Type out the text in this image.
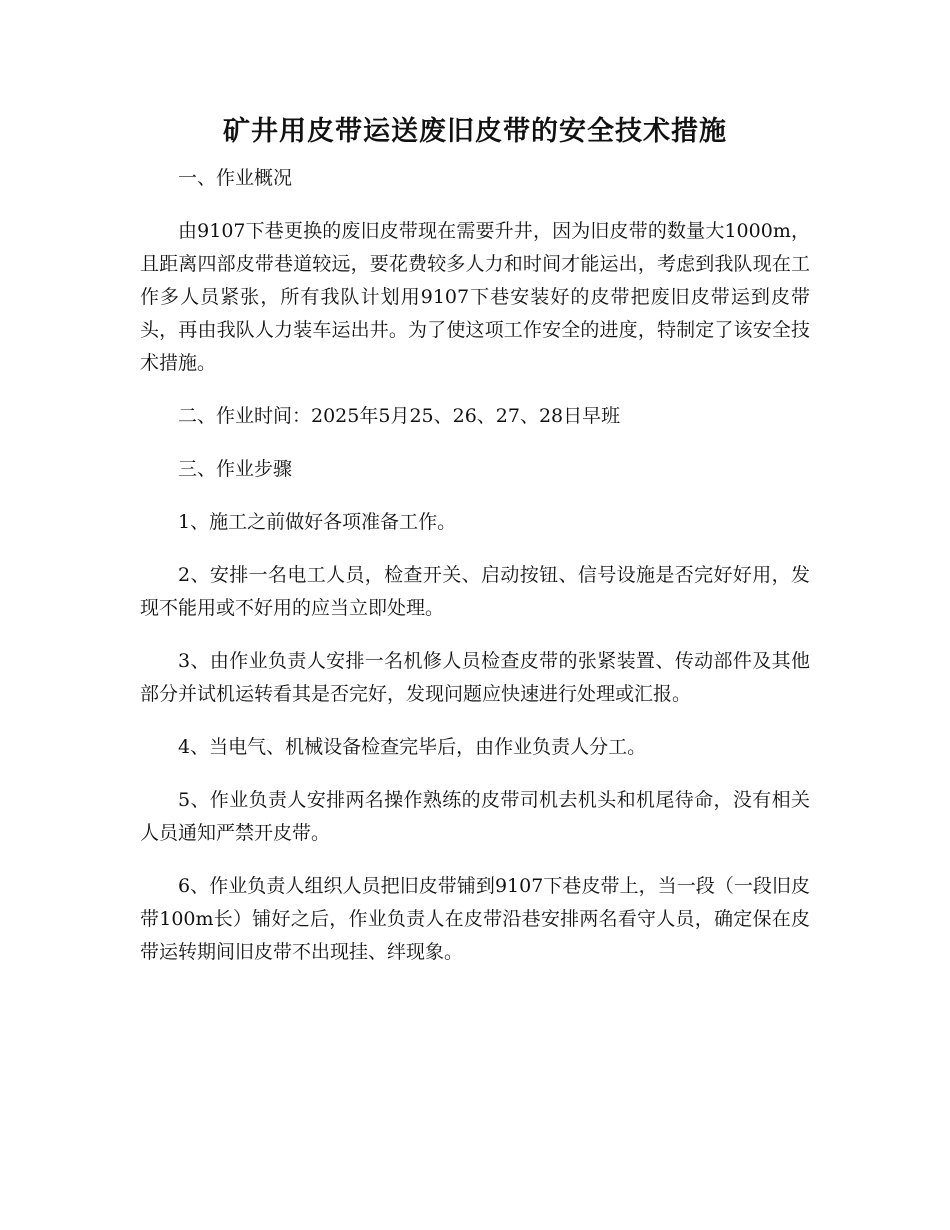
矿井用皮带运送废旧皮带的安全技术措施

一、作业概况

由9107下巷更换的废旧皮带现在需要升井，因为旧皮带的数量大1000m，且距离四部皮带巷道较远，要花费较多人力和时间才能运出，考虑到我队现在工作多人员紧张，所有我队计划用9107下巷安装好的皮带把废旧皮带运到皮带头，再由我队人力装车运出井。为了使这项工作安全的进度，特制定了该安全技术措施。

二、作业时间：2025年5月25、26、27、28日早班

三、作业步骤

1、施工之前做好各项准备工作。

2、安排一名电工人员，检查开关、启动按钮、信号设施是否完好好用，发现不能用或不好用的应当立即处理。

3、由作业负责人安排一名机修人员检查皮带的张紧装置、传动部件及其他部分并试机运转看其是否完好，发现问题应快速进行处理或汇报。

4、当电气、机械设备检查完毕后，由作业负责人分工。

5、作业负责人安排两名操作熟练的皮带司机去机头和机尾待命，没有相关人员通知严禁开皮带。

6、作业负责人组织人员把旧皮带铺到9107下巷皮带上，当一段（一段旧皮带100m长）铺好之后，作业负责人在皮带沿巷安排两名看守人员，确定保在皮带运转期间旧皮带不出现挂、绊现象。
